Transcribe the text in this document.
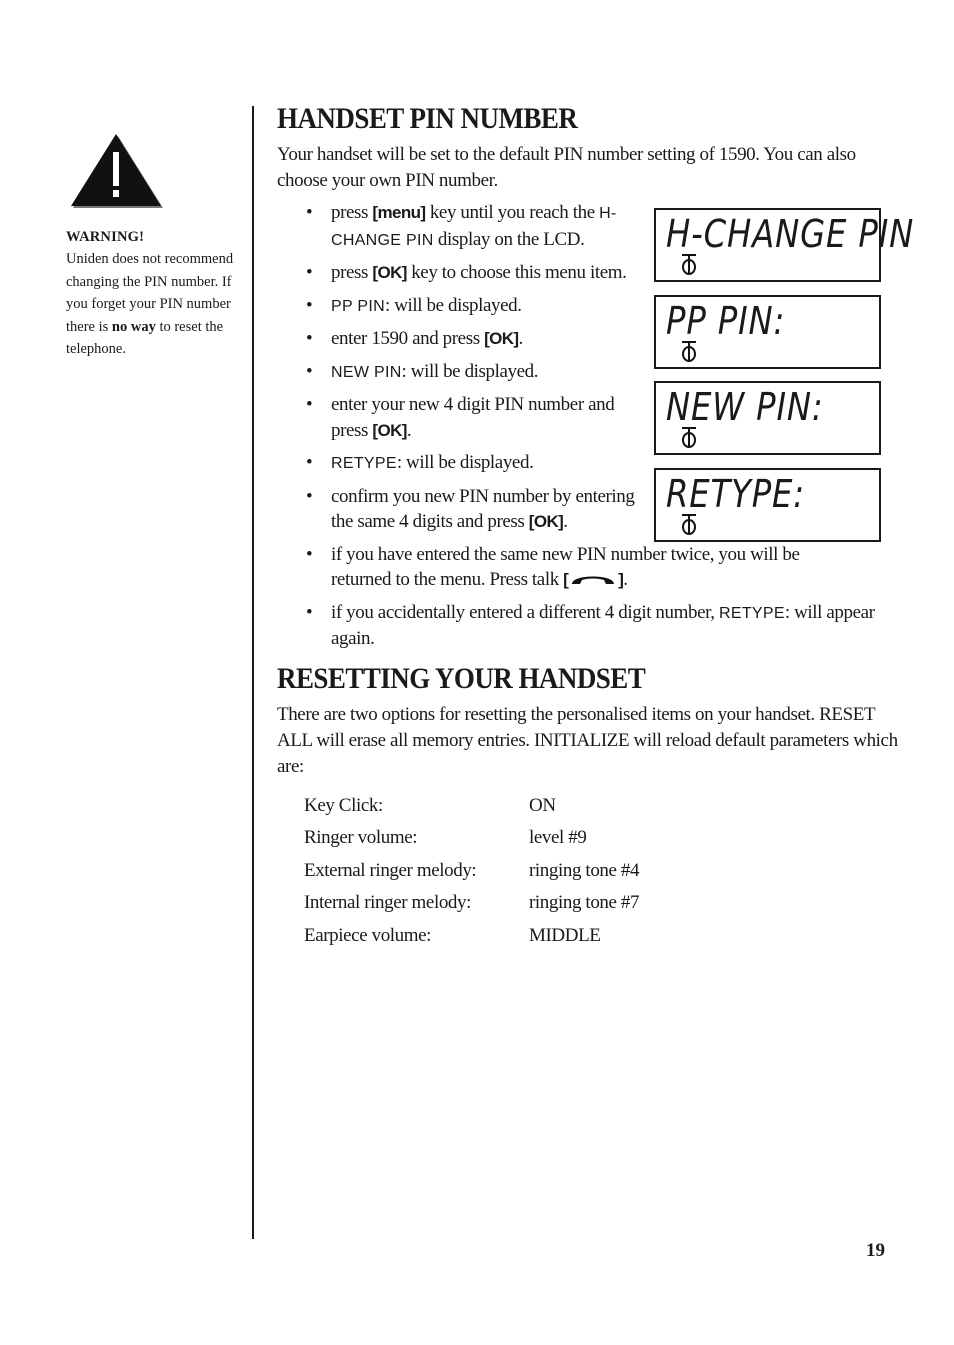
WARNING!
Uniden does not recommend changing the PIN number. If you forget your PIN number there is no way to reset the telephone.
H-CHANGE PIN
PP PIN:
NEW PIN:
RETYPE:
HANDSET PIN NUMBER

Your handset will be set to the default PIN number setting of 1590. You can also choose your own PIN number.

• press [menu] key until you reach the H-CHANGE PIN display on the LCD.
• press [OK] key to choose this menu item.
• PP PIN: will be displayed.
• enter 1590 and press [OK].
• NEW PIN: will be displayed.
• enter your new 4 digit PIN number and press [OK].
• RETYPE: will be displayed.
• confirm you new PIN number by entering the same 4 digits and press [OK].
• if you have entered the same new PIN number twice, you will be returned to the menu. Press talk [	].
• if you accidentally entered a different 4 digit number, RETYPE: will appear again.
RESETTING YOUR HANDSET

There are two options for resetting the personalised items on your handset. RESET ALL will erase all memory entries. INITIALIZE will reload default parameters which are:

Key Click:	ON
Ringer volume:	level #9
External ringer melody:	ringing tone #4
Internal ringer melody:	ringing tone #7
Earpiece volume:	MIDDLE
19
